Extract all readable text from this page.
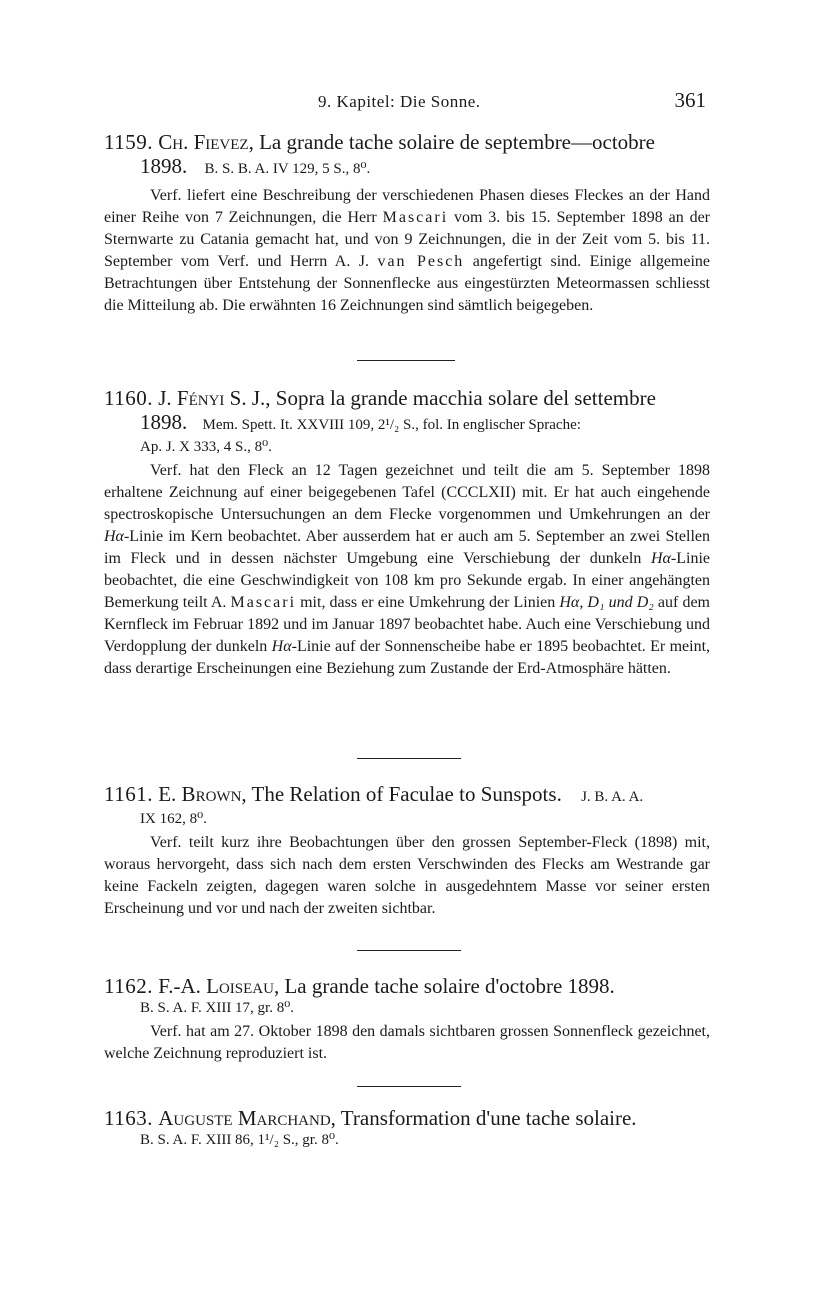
9. Kapitel: Die Sonne.	361

1159. Ch. Fievez, La grande tache solaire de septembre—octobre

1898. B. S. B. A. IV 129, 5 S., 8⁰.

Verf. liefert eine Beschreibung der verschiedenen Phasen dieses Fleckes an der Hand einer Reihe von 7 Zeichnungen, die Herr Mascari vom 3. bis 15. September 1898 an der Sternwarte zu Catania gemacht hat, und von 9 Zeichnungen, die in der Zeit vom 5. bis 11. September vom Verf. und Herrn A. J. van Pesch angefertigt sind. Einige allgemeine Betrachtungen über Entstehung der Sonnenflecke aus eingestürzten Meteormassen schliesst die Mitteilung ab. Die erwähnten 16 Zeichnungen sind sämtlich beigegeben.

1160. J. Fényi S. J., Sopra la grande macchia solare del settembre

1898. Mem. Spett. It. XXVIII 109, 2¹/₂ S., fol. In englischer Sprache:

Ap. J. X 333, 4 S., 8⁰.

Verf. hat den Fleck an 12 Tagen gezeichnet und teilt die am 5. September 1898 erhaltene Zeichnung auf einer beigegebenen Tafel (CCCLXII) mit. Er hat auch eingehende spectroskopische Untersuchungen an dem Flecke vorgenommen und Umkehrungen an der Hα-Linie im Kern beobachtet. Aber ausserdem hat er auch am 5. September an zwei Stellen im Fleck und in dessen nächster Umgebung eine Verschiebung der dunkeln Hα-Linie beobachtet, die eine Geschwindigkeit von 108 km pro Sekunde ergab. In einer angehängten Bemerkung teilt A. Mascari mit, dass er eine Umkehrung der Linien Hα, D₁ und D₂ auf dem Kernfleck im Februar 1892 und im Januar 1897 beobachtet habe. Auch eine Verschiebung und Verdopplung der dunkeln Hα-Linie auf der Sonnenscheibe habe er 1895 beobachtet. Er meint, dass derartige Erscheinungen eine Beziehung zum Zustande der Erd-Atmosphäre hätten.

1161. E. Brown, The Relation of Faculae to Sunspots. J. B. A. A.

IX 162, 8⁰.

Verf. teilt kurz ihre Beobachtungen über den grossen September-Fleck (1898) mit, woraus hervorgeht, dass sich nach dem ersten Verschwinden des Flecks am Westrande gar keine Fackeln zeigten, dagegen waren solche in ausgedehntem Masse vor seiner ersten Erscheinung und vor und nach der zweiten sichtbar.

1162. F.-A. Loiseau, La grande tache solaire d'octobre 1898.

B. S. A. F. XIII 17, gr. 8⁰.

Verf. hat am 27. Oktober 1898 den damals sichtbaren grossen Sonnenfleck gezeichnet, welche Zeichnung reproduziert ist.

1163. Auguste Marchand, Transformation d'une tache solaire.

B. S. A. F. XIII 86, 1¹/₂ S., gr. 8⁰.
